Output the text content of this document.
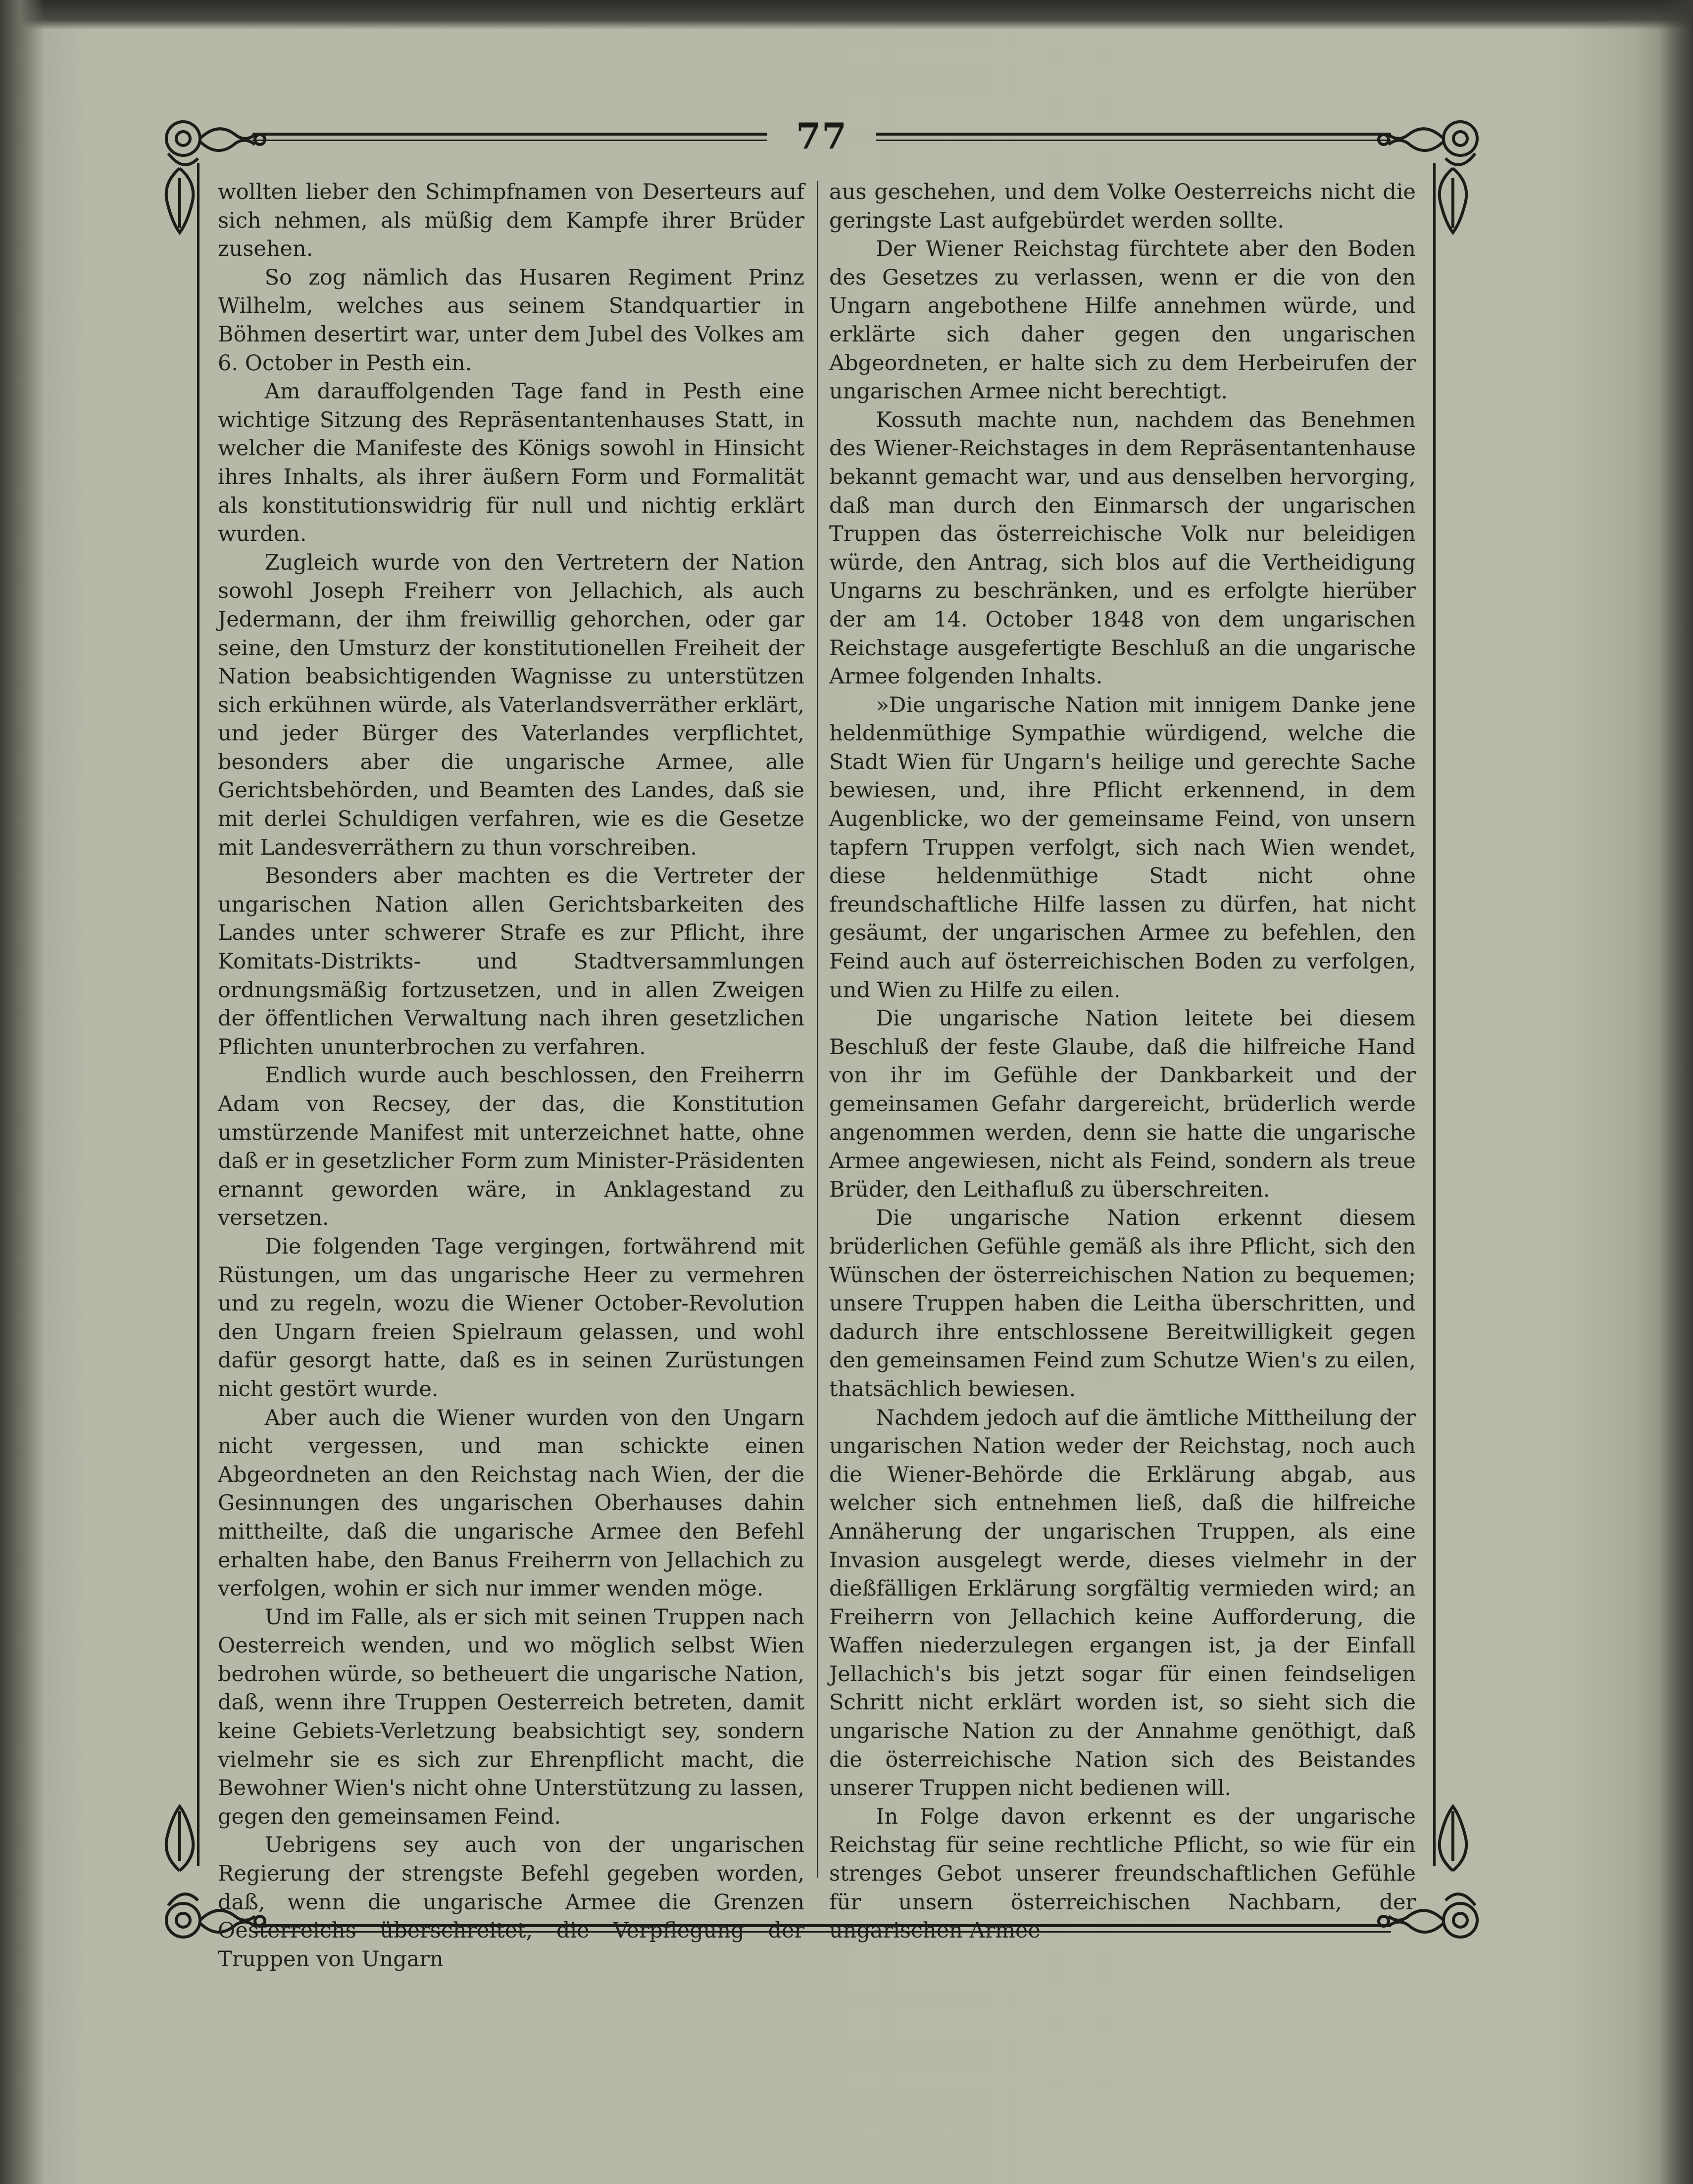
77

wollten lieber den Schimpfnamen von Deserteurs auf sich nehmen, als müßig dem Kampfe ihrer Brüder zusehen.

So zog nämlich das Husaren Regiment Prinz Wilhelm, welches aus seinem Standquartier in Böhmen desertirt war, unter dem Jubel des Volkes am 6. October in Pesth ein.

Am darauffolgenden Tage fand in Pesth eine wichtige Sitzung des Repräsentantenhauses Statt, in welcher die Manifeste des Königs sowohl in Hinsicht ihres Inhalts, als ihrer äußern Form und Formalität als konstitutionswidrig für null und nichtig erklärt wurden.

Zugleich wurde von den Vertretern der Nation sowohl Joseph Freiherr von Jellachich, als auch Jedermann, der ihm freiwillig gehorchen, oder gar seine, den Umsturz der konstitutionellen Freiheit der Nation beabsichtigenden Wagnisse zu unterstützen sich erkühnen würde, als Vaterlandsverräther erklärt, und jeder Bürger des Vaterlandes verpflichtet, besonders aber die ungarische Armee, alle Gerichtsbehörden, und Beamten des Landes, daß sie mit derlei Schuldigen verfahren, wie es die Gesetze mit Landesverräthern zu thun vorschreiben.

Besonders aber machten es die Vertreter der ungarischen Nation allen Gerichtsbarkeiten des Landes unter schwerer Strafe es zur Pflicht, ihre Komitats-Distrikts- und Stadtversammlungen ordnungsmäßig fortzusetzen, und in allen Zweigen der öffentlichen Verwaltung nach ihren gesetzlichen Pflichten ununterbrochen zu verfahren.

Endlich wurde auch beschlossen, den Freiherrn Adam von Recsey, der das, die Konstitution umstürzende Manifest mit unterzeichnet hatte, ohne daß er in gesetzlicher Form zum Minister-Präsidenten ernannt geworden wäre, in Anklagestand zu versetzen.

Die folgenden Tage vergingen, fortwährend mit Rüstungen, um das ungarische Heer zu vermehren und zu regeln, wozu die Wiener October-Revolution den Ungarn freien Spielraum gelassen, und wohl dafür gesorgt hatte, daß es in seinen Zurüstungen nicht gestört wurde.

Aber auch die Wiener wurden von den Ungarn nicht vergessen, und man schickte einen Abgeordneten an den Reichstag nach Wien, der die Gesinnungen des ungarischen Oberhauses dahin mittheilte, daß die ungarische Armee den Befehl erhalten habe, den Banus Freiherrn von Jellachich zu verfolgen, wohin er sich nur immer wenden möge.

Und im Falle, als er sich mit seinen Truppen nach Oesterreich wenden, und wo möglich selbst Wien bedrohen würde, so betheuert die ungarische Nation, daß, wenn ihre Truppen Oesterreich betreten, damit keine Gebiets-Verletzung beabsichtigt sey, sondern vielmehr sie es sich zur Ehrenpflicht macht, die Bewohner Wien's nicht ohne Unterstützung zu lassen, gegen den gemeinsamen Feind.

Uebrigens sey auch von der ungarischen Regierung der strengste Befehl gegeben worden, daß, wenn die ungarische Armee die Grenzen Oesterreichs überschreitet, die Verpflegung der Truppen von Ungarn

aus geschehen, und dem Volke Oesterreichs nicht die geringste Last aufgebürdet werden sollte.

Der Wiener Reichstag fürchtete aber den Boden des Gesetzes zu verlassen, wenn er die von den Ungarn angebothene Hilfe annehmen würde, und erklärte sich daher gegen den ungarischen Abgeordneten, er halte sich zu dem Herbeirufen der ungarischen Armee nicht berechtigt.

Kossuth machte nun, nachdem das Benehmen des Wiener-Reichstages in dem Repräsentantenhause bekannt gemacht war, und aus denselben hervorging, daß man durch den Einmarsch der ungarischen Truppen das österreichische Volk nur beleidigen würde, den Antrag, sich blos auf die Vertheidigung Ungarns zu beschränken, und es erfolgte hierüber der am 14. October 1848 von dem ungarischen Reichstage ausgefertigte Beschluß an die ungarische Armee folgenden Inhalts.

»Die ungarische Nation mit innigem Danke jene heldenmüthige Sympathie würdigend, welche die Stadt Wien für Ungarn's heilige und gerechte Sache bewiesen, und, ihre Pflicht erkennend, in dem Augenblicke, wo der gemeinsame Feind, von unsern tapfern Truppen verfolgt, sich nach Wien wendet, diese heldenmüthige Stadt nicht ohne freundschaftliche Hilfe lassen zu dürfen, hat nicht gesäumt, der ungarischen Armee zu befehlen, den Feind auch auf österreichischen Boden zu verfolgen, und Wien zu Hilfe zu eilen.

Die ungarische Nation leitete bei diesem Beschluß der feste Glaube, daß die hilfreiche Hand von ihr im Gefühle der Dankbarkeit und der gemeinsamen Gefahr dargereicht, brüderlich werde angenommen werden, denn sie hatte die ungarische Armee angewiesen, nicht als Feind, sondern als treue Brüder, den Leithafluß zu überschreiten.

Die ungarische Nation erkennt diesem brüderlichen Gefühle gemäß als ihre Pflicht, sich den Wünschen der österreichischen Nation zu bequemen; unsere Truppen haben die Leitha überschritten, und dadurch ihre entschlossene Bereitwilligkeit gegen den gemeinsamen Feind zum Schutze Wien's zu eilen, thatsächlich bewiesen.

Nachdem jedoch auf die ämtliche Mittheilung der ungarischen Nation weder der Reichstag, noch auch die Wiener-Behörde die Erklärung abgab, aus welcher sich entnehmen ließ, daß die hilfreiche Annäherung der ungarischen Truppen, als eine Invasion ausgelegt werde, dieses vielmehr in der dießfälligen Erklärung sorgfältig vermieden wird; an Freiherrn von Jellachich keine Aufforderung, die Waffen niederzulegen ergangen ist, ja der Einfall Jellachich's bis jetzt sogar für einen feindseligen Schritt nicht erklärt worden ist, so sieht sich die ungarische Nation zu der Annahme genöthigt, daß die österreichische Nation sich des Beistandes unserer Truppen nicht bedienen will.

In Folge davon erkennt es der ungarische Reichstag für seine rechtliche Pflicht, so wie für ein strenges Gebot unserer freundschaftlichen Gefühle für unsern österreichischen Nachbarn, der ungarischen Armee
